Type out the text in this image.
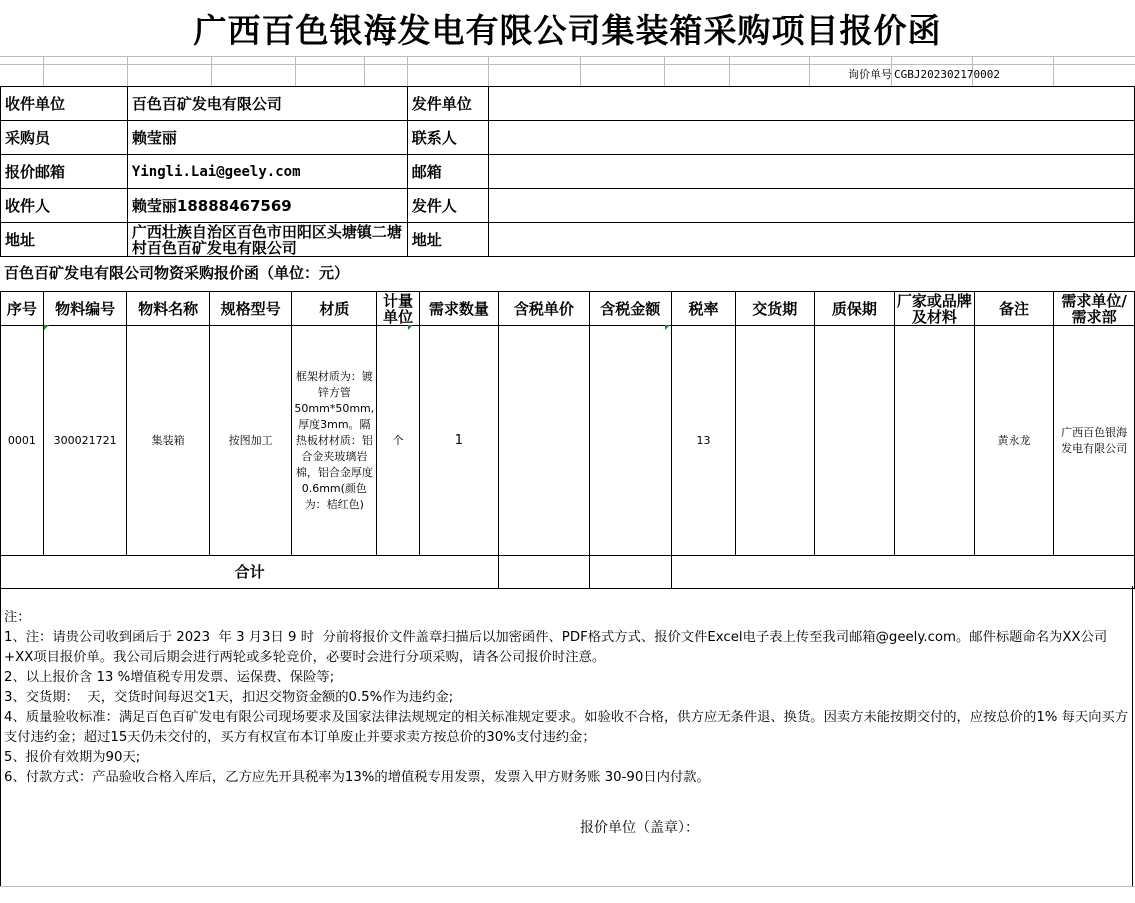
广西百色银海发电有限公司集装箱采购项目报价函
询价单号 CGBJ202302170002
收件单位	百色百矿发电有限公司	发件单位	
采购员	赖莹丽	联系人	
报价邮箱	Yingli.Lai@geely.com	邮箱	
收件人	赖莹丽18888467569	发件人	
地址	广西壮族自治区百色市田阳区头塘镇二塘村百色百矿发电有限公司	地址	
百色百矿发电有限公司物资采购报价函（单位：元）
序号	物料编号	物料名称	规格型号	材质	计量单位	需求数量	含税单价	含税金额	税率	交货期	质保期	厂家或品牌及材料	备注	需求单位/需求部
0001	300021721	集装箱	按图加工	框架材质为：镀锌方管50mm*50mm,厚度3mm。隔热板材材质：铝合金夹玻璃岩棉，铝合金厚度0.6mm(颜色为：桔红色)	个	1			13				黄永龙	广西百色银海发电有限公司
合计														
注：
1、注：请贵公司收到函后于 2023  年 3 月3日 9 时  分前将报价文件盖章扫描后以加密函件、PDF格式方式、报价文件Excel电子表上传至我司邮箱@geely.com。邮件标题命名为XX公司+XX项目报价单。我公司后期会进行两轮或多轮竞价，必要时会进行分项采购，请各公司报价时注意。
2、以上报价含 13 %增值税专用发票、运保费、保险等;
3、交货期：  天，交货时间每迟交1天，扣迟交物资金额的0.5%作为违约金;
4、质量验收标准：满足百色百矿发电有限公司现场要求及国家法律法规规定的相关标准规定要求。如验收不合格，供方应无条件退、换货。因卖方未能按期交付的，应按总价的1% 每天向买方支付违约金；超过15天仍未交付的，买方有权宣布本订单废止并要求卖方按总价的30%支付违约金；
5、报价有效期为90天;
6、付款方式：产品验收合格入库后，乙方应先开具税率为13%的增值税专用发票，发票入甲方财务账 30-90日内付款。
报价单位（盖章）：
